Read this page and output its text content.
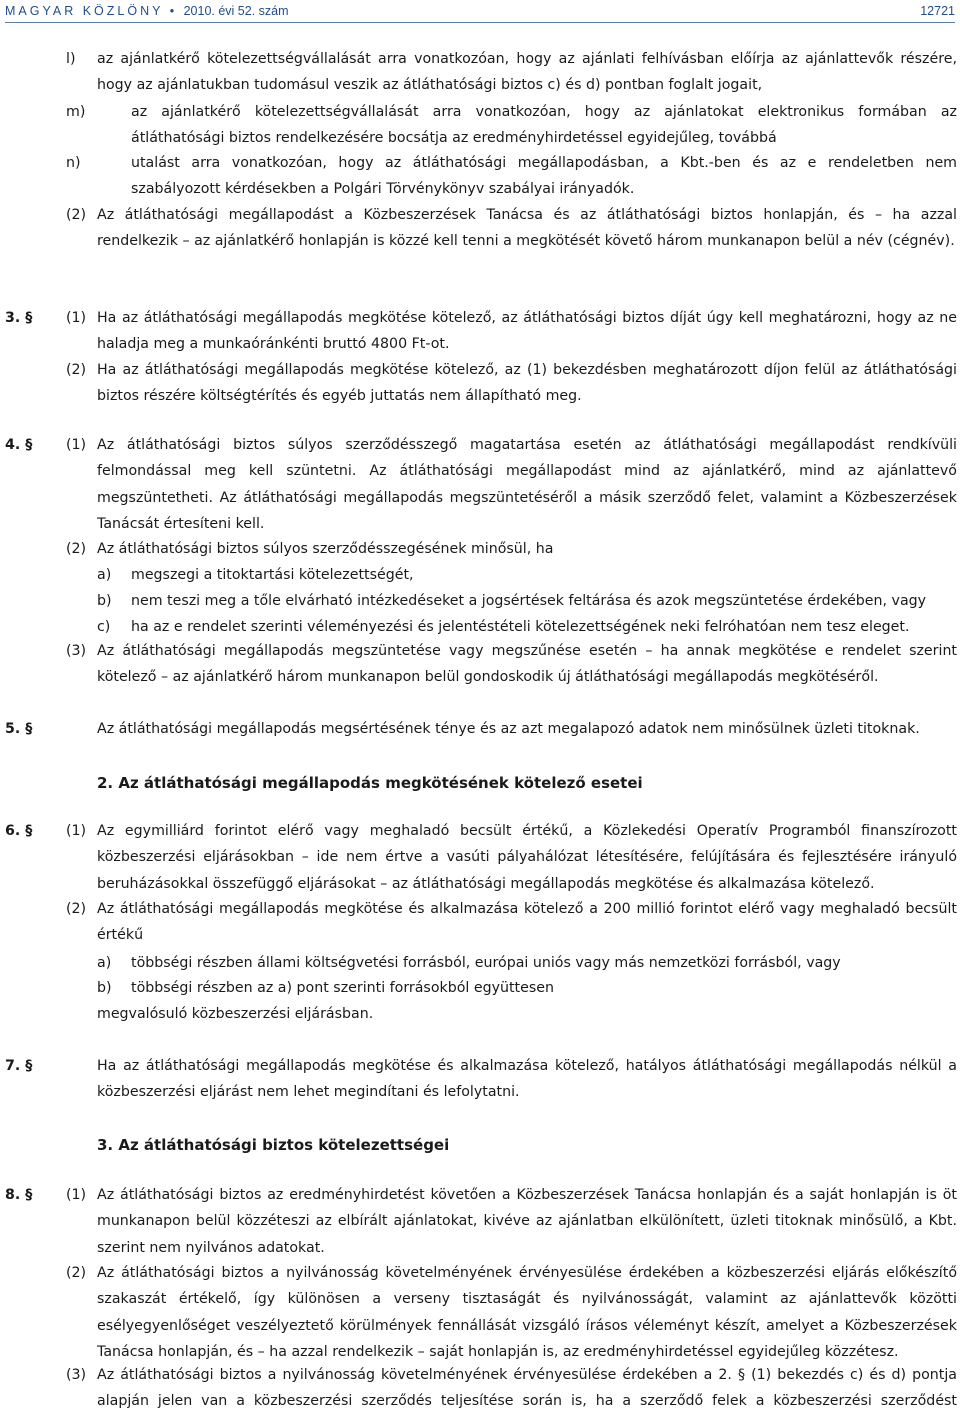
MAGYAR KÖZLÖNY • 2010. évi 52. szám	12721
l) az ajánlatkérő kötelezettségvállalását arra vonatkozóan, hogy az ajánlati felhívásban előírja az ajánlattevők részére, hogy az ajánlatukban tudomásul veszik az átláthatósági biztos c) és d) pontban foglalt jogait,
m)	az ajánlatkérő kötelezettségvállalását arra vonatkozóan, hogy az ajánlatokat elektronikus formában az átláthatósági biztos rendelkezésére bocsátja az eredményhirdetéssel egyidejűleg, továbbá
n)	utalást arra vonatkozóan, hogy az átláthatósági megállapodásban, a Kbt.-ben és az e rendeletben nem szabályozott kérdésekben a Polgári Törvénykönyv szabályai irányadók.
(2) Az átláthatósági megállapodást a Közbeszerzések Tanácsa és az átláthatósági biztos honlapján, és – ha azzal rendelkezik – az ajánlatkérő honlapján is közzé kell tenni a megkötését követő három munkanapon belül a név (cégnév).
3. § (1) Ha az átláthatósági megállapodás megkötése kötelező, az átláthatósági biztos díját úgy kell meghatározni, hogy az ne haladja meg a munkaóránkénti bruttó 4800 Ft-ot.
(2) Ha az átláthatósági megállapodás megkötése kötelező, az (1) bekezdésben meghatározott díjon felül az átláthatósági biztos részére költségtérítés és egyéb juttatás nem állapítható meg.
4. § (1) Az átláthatósági biztos súlyos szerződésszegő magatartása esetén az átláthatósági megállapodást rendkívüli felmondással meg kell szüntetni. Az átláthatósági megállapodást mind az ajánlatkérő, mind az ajánlattevő megszüntetheti. Az átláthatósági megállapodás megszüntetéséről a másik szerződő felet, valamint a Közbeszerzések Tanácsát értesíteni kell.
(2) Az átláthatósági biztos súlyos szerződésszegésének minősül, ha
a) megszegi a titoktartási kötelezettségét,
b) nem teszi meg a tőle elvárható intézkedéseket a jogsértések feltárása és azok megszüntetése érdekében, vagy
c) ha az e rendelet szerinti véleményezési és jelentéstételi kötelezettségének neki felróhatóan nem tesz eleget.
(3) Az átláthatósági megállapodás megszüntetése vagy megszűnése esetén – ha annak megkötése e rendelet szerint kötelező – az ajánlatkérő három munkanapon belül gondoskodik új átláthatósági megállapodás megkötéséről.
5. §	Az átláthatósági megállapodás megsértésének ténye és az azt megalapozó adatok nem minősülnek üzleti titoknak.
2. Az átláthatósági megállapodás megkötésének kötelező esetei
6. § (1) Az egymilliárd forintot elérő vagy meghaladó becsült értékű, a Közlekedési Operatív Programból finanszírozott közbeszerzési eljárásokban – ide nem értve a vasúti pályahálózat létesítésére, felújítására és fejlesztésére irányuló beruházásokkal összefüggő eljárásokat – az átláthatósági megállapodás megkötése és alkalmazása kötelező.
(2) Az átláthatósági megállapodás megkötése és alkalmazása kötelező a 200 millió forintot elérő vagy meghaladó becsült értékű
a) többségi részben állami költségvetési forrásból, európai uniós vagy más nemzetközi forrásból, vagy
b) többségi részben az a) pont szerinti forrásokból együttesen
megvalósuló közbeszerzési eljárásban.
7. §	Ha az átláthatósági megállapodás megkötése és alkalmazása kötelező, hatályos átláthatósági megállapodás nélkül a közbeszerzési eljárást nem lehet megindítani és lefolytatni.
3. Az átláthatósági biztos kötelezettségei
8. § (1) Az átláthatósági biztos az eredményhirdetést követően a Közbeszerzések Tanácsa honlapján és a saját honlapján is öt munkanapon belül közzéteszi az elbírált ajánlatokat, kivéve az ajánlatban elkülönített, üzleti titoknak minősülő, a Kbt. szerint nem nyilvános adatokat.
(2) Az átláthatósági biztos a nyilvánosság követelményének érvényesülése érdekében a közbeszerzési eljárás előkészítő szakaszát értékelő, így különösen a verseny tisztaságát és nyilvánosságát, valamint az ajánlattevők közötti esélyegyenlőséget veszélyeztető körülmények fennállását vizsgáló írásos véleményt készít, amelyet a Közbeszerzések Tanácsa honlapján, és – ha azzal rendelkezik – saját honlapján is, az eredményhirdetéssel egyidejűleg közzétesz.
(3) Az átláthatósági biztos a nyilvánosság követelményének érvényesülése érdekében a 2. § (1) bekezdés c) és d) pontja alapján jelen van a közbeszerzési szerződés teljesítése során is, ha a szerződő felek a közbeszerzési szerződést
